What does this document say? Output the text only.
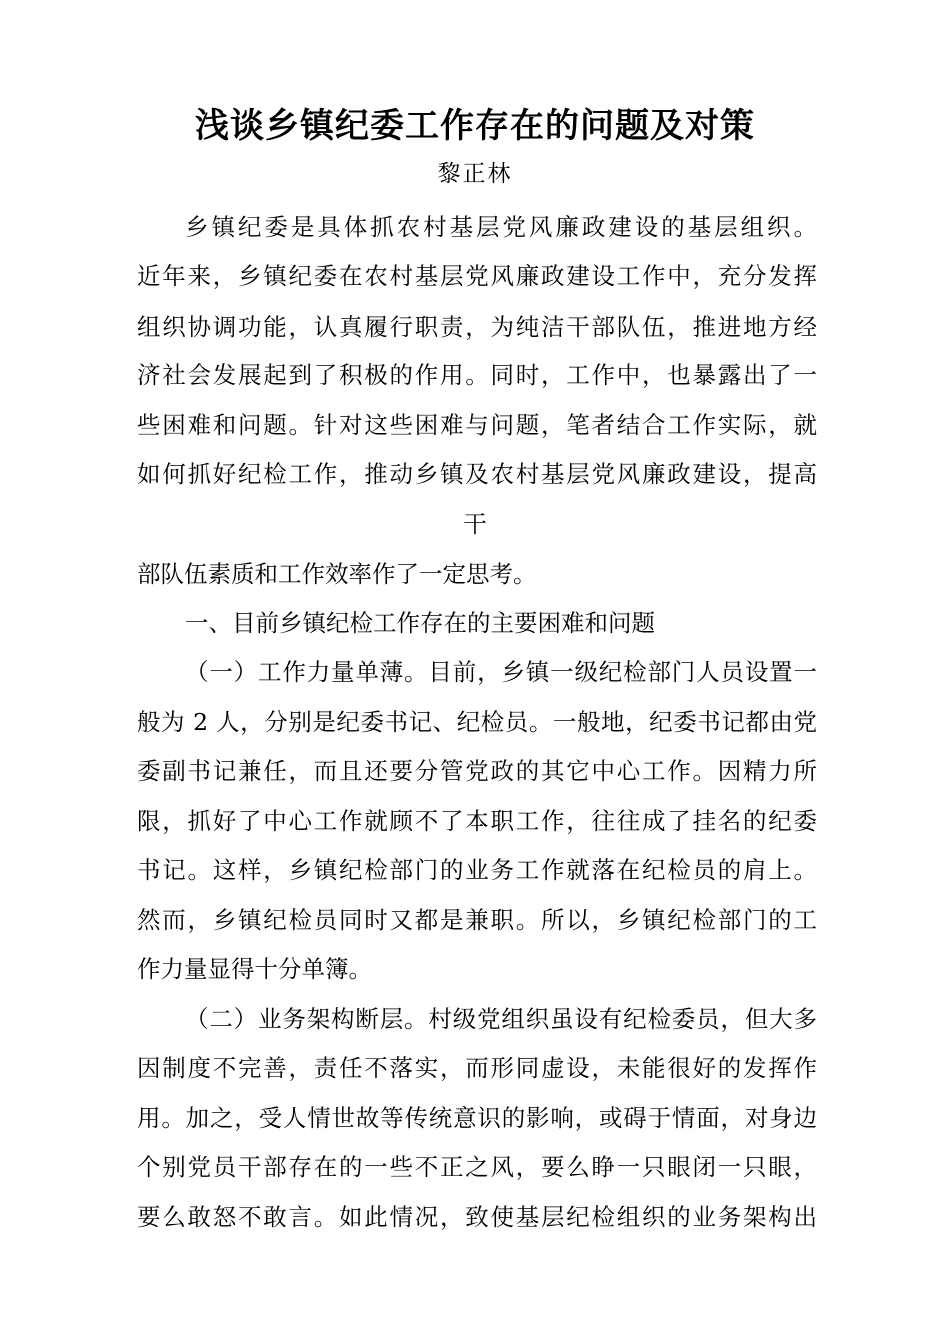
浅谈乡镇纪委工作存在的问题及对策
黎正林
乡镇纪委是具体抓农村基层党风廉政建设的基层组织。
近年来，乡镇纪委在农村基层党风廉政建设工作中，充分发挥
组织协调功能，认真履行职责，为纯洁干部队伍，推进地方经
济社会发展起到了积极的作用。同时，工作中，也暴露出了一
些困难和问题。针对这些困难与问题，笔者结合工作实际，就
如何抓好纪检工作，推动乡镇及农村基层党风廉政建设，提高
干
部队伍素质和工作效率作了一定思考。
一、目前乡镇纪检工作存在的主要困难和问题
（一）工作力量单薄。目前，乡镇一级纪检部门人员设置一
般为 2 人，分别是纪委书记、纪检员。一般地，纪委书记都由党
委副书记兼任，而且还要分管党政的其它中心工作。因精力所
限，抓好了中心工作就顾不了本职工作，往往成了挂名的纪委
书记。这样，乡镇纪检部门的业务工作就落在纪检员的肩上。
然而，乡镇纪检员同时又都是兼职。所以，乡镇纪检部门的工
作力量显得十分单簿。
（二）业务架构断层。村级党组织虽设有纪检委员，但大多
因制度不完善，责任不落实，而形同虚设，未能很好的发挥作
用。加之，受人情世故等传统意识的影响，或碍于情面，对身边
个别党员干部存在的一些不正之风，要么睁一只眼闭一只眼，
要么敢怒不敢言。如此情况，致使基层纪检组织的业务架构出
